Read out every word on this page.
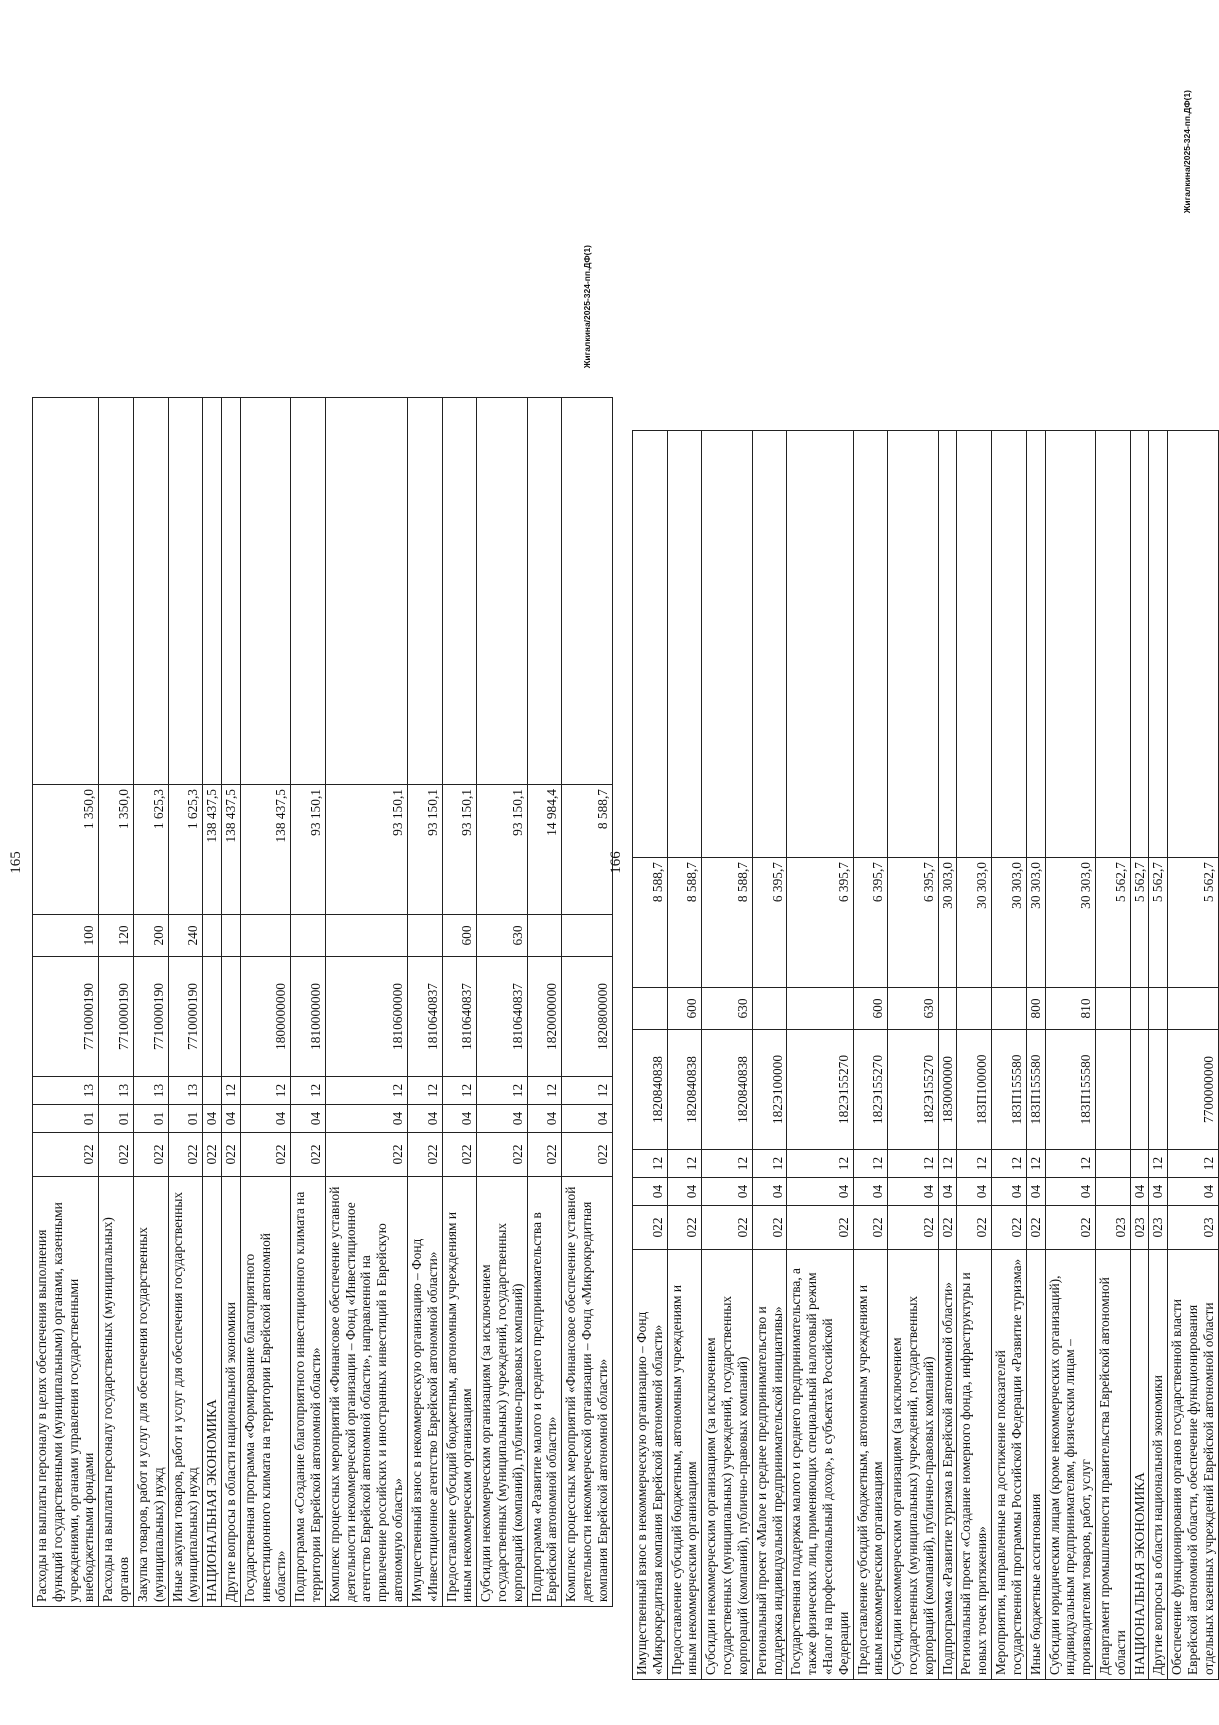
165
Расходы на выплаты персоналу в целях обеспечения выполнения функций государственными (муниципальными) органами, казенными учреждениями, органами управления государственными внебюджетными фондами	022	01	13	7710000190	100	1 350,0	
Расходы на выплаты персоналу государственных (муниципальных) органов	022	01	13	7710000190	120	1 350,0	
Закупка товаров, работ и услуг для обеспечения государственных (муниципальных) нужд	022	01	13	7710000190	200	1 625,3	
Иные закупки товаров, работ и услуг для обеспечения государственных (муниципальных) нужд	022	01	13	7710000190	240	1 625,3	
НАЦИОНАЛЬНАЯ ЭКОНОМИКА	022	04				138 437,5	
Другие вопросы в области национальной экономики	022	04	12			138 437,5	
Государственная программа «Формирование благоприятного инвестиционного климата на территории Еврейской автономной области»	022	04	12	1800000000		138 437,5	
Подпрограмма «Создание благоприятного инвестиционного климата на территории Еврейской автономной области»	022	04	12	1810000000		93 150,1	
Комплекс процессных мероприятий «Финансовое обеспечение уставной деятельности некоммерческой организации – Фонд «Инвестиционное агентство Еврейской автономной области», направленной на привлечение российских и иностранных инвестиций в Еврейскую автономную область»	022	04	12	1810600000		93 150,1	
Имущественный взнос в некоммерческую организацию – Фонд «Инвестиционное агентство Еврейской автономной области»	022	04	12	1810640837		93 150,1	
Предоставление субсидий бюджетным, автономным учреждениям и иным некоммерческим организациям	022	04	12	1810640837	600	93 150,1	
Субсидии некоммерческим организациям (за исключением государственных (муниципальных) учреждений, государственных корпораций (компаний), публично-правовых компаний)	022	04	12	1810640837	630	93 150,1	
Подпрограмма «Развитие малого и среднего предпринимательства в Еврейской автономной области»	022	04	12	1820000000		14 984,4	
Комплекс процессных мероприятий «Финансовое обеспечение уставной деятельности некоммерческой организации – Фонд «Микрокредитная компания Еврейской автономной области»	022	04	12	1820800000		8 588,7	
Жигалкина/2025-324-пп.ДФ(1)
166
Имущественный взнос в некоммерческую организацию – Фонд «Микрокредитная компания Еврейской автономной области»	022	04	12	1820840838		8 588,7	
Предоставление субсидий бюджетным, автономным учреждениям и иным некоммерческим организациям	022	04	12	1820840838	600	8 588,7	
Субсидии некоммерческим организациям (за исключением государственных (муниципальных) учреждений, государственных корпораций (компаний), публично-правовых компаний)	022	04	12	1820840838	630	8 588,7	
Региональный проект «Малое и среднее предпринимательство и поддержка индивидуальной предпринимательской инициативы»	022	04	12	182Э100000		6 395,7	
Государственная поддержка малого и среднего предпринимательства, а также физических лиц, применяющих специальный налоговый режим «Налог на профессиональный доход», в субъектах Российской Федерации	022	04	12	182Э155270		6 395,7	
Предоставление субсидий бюджетным, автономным учреждениям и иным некоммерческим организациям	022	04	12	182Э155270	600	6 395,7	
Субсидии некоммерческим организациям (за исключением государственных (муниципальных) учреждений, государственных корпораций (компаний), публично-правовых компаний)	022	04	12	182Э155270	630	6 395,7	
Подпрограмма «Развитие туризма в Еврейской автономной области»	022	04	12	1830000000		30 303,0	
Региональный проект «Создание номерного фонда, инфраструктуры и новых точек притяжения»	022	04	12	183П100000		30 303,0	
Мероприятия, направленные на достижение показателей государственной программы Российской Федерации «Развитие туризма»	022	04	12	183П155580		30 303,0	
Иные бюджетные ассигнования	022	04	12	183П155580	800	30 303,0	
Субсидии юридическим лицам (кроме некоммерческих организаций), индивидуальным предпринимателям, физическим лицам – производителям товаров, работ, услуг	022	04	12	183П155580	810	30 303,0	
Департамент промышленности правительства Еврейской автономной области	023					5 562,7	
НАЦИОНАЛЬНАЯ ЭКОНОМИКА	023	04				5 562,7	
Другие вопросы в области национальной экономики	023	04	12			5 562,7	
Обеспечение функционирования органов государственной власти Еврейской автономной области, обеспечение функционирования отдельных казенных учреждений Еврейской автономной области	023	04	12	7700000000		5 562,7	
Жигалкина/2025-324-пп.ДФ(1)
